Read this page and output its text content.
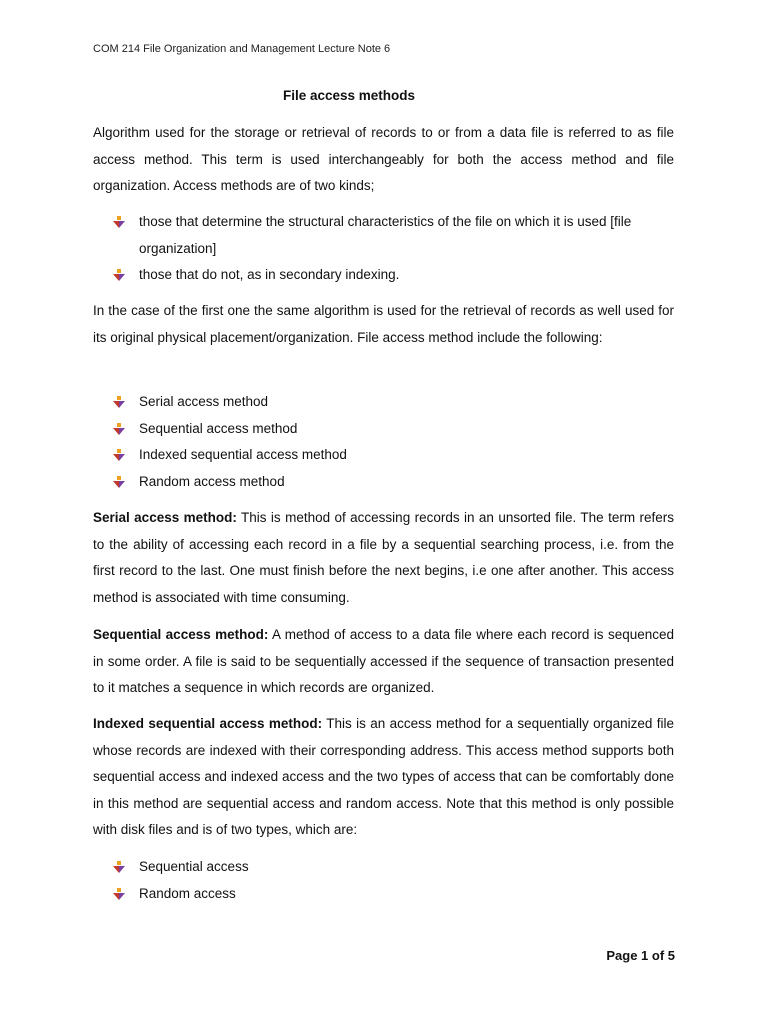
COM 214 File Organization and Management Lecture Note 6
File access methods

Algorithm used for the storage or retrieval of records to or from a data file is referred to as file access method. This term is used interchangeably for both the access method and file organization. Access methods are of two kinds;

those that determine the structural characteristics of the file on which it is used [file organization]
those that do not, as in secondary indexing.

In the case of the first one the same algorithm is used for the retrieval of records as well used for its original physical placement/organization. File access method include the following:

Serial access method
Sequential access method
Indexed sequential access method
Random access method

Serial access method: This is method of accessing records in an unsorted file. The term refers to the ability of accessing each record in a file by a sequential searching process, i.e. from the first record to the last. One must finish before the next begins, i.e one after another. This access method is associated with time consuming.

Sequential access method: A method of access to a data file where each record is sequenced in some order. A file is said to be sequentially accessed if the sequence of transaction presented to it matches a sequence in which records are organized.

Indexed sequential access method: This is an access method for a sequentially organized file whose records are indexed with their corresponding address. This access method supports both sequential access and indexed access and the two types of access that can be comfortably done in this method are sequential access and random access. Note that this method is only possible with disk files and is of two types, which are:

Sequential access
Random access
Page 1 of 5
